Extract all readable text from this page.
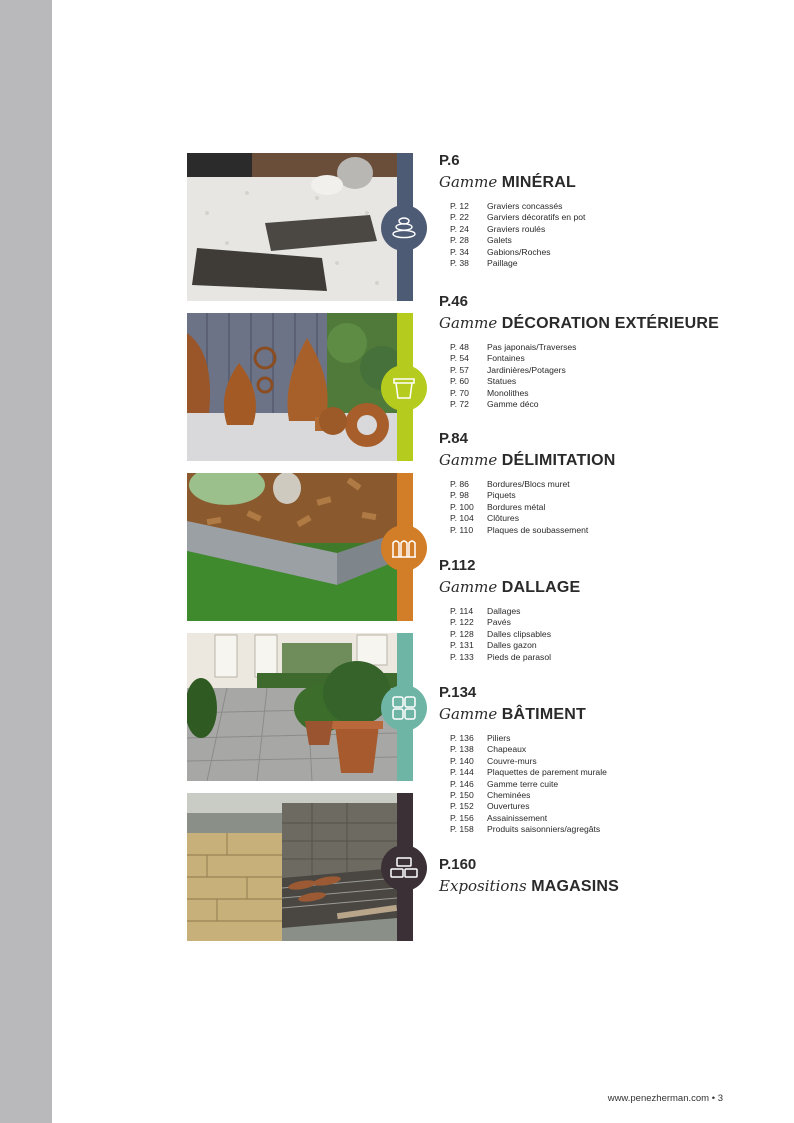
P.6
Gamme MINÉRAL
P. 12 Graviers concassés
P. 22 Garviers décoratifs en pot
P. 24 Graviers roulés
P. 28 Galets
P. 34 Gabions/Roches
P. 38 Paillage
P.46
Gamme DÉCORATION EXTÉRIEURE
P. 48 Pas japonais/Traverses
P. 54 Fontaines
P. 57 Jardinières/Potagers
P. 60 Statues
P. 70 Monolithes
P. 72 Gamme déco
P.84
Gamme DÉLIMITATION
P. 86 Bordures/Blocs muret
P. 98 Piquets
P. 100 Bordures métal
P. 104 Clôtures
P. 110 Plaques de soubassement
P.112
Gamme DALLAGE
P. 114 Dallages
P. 122 Pavés
P. 128 Dalles clipsables
P. 131 Dalles gazon
P. 133 Pieds de parasol
P.134
Gamme BÂTIMENT
P. 136 Piliers
P. 138 Chapeaux
P. 140 Couvre-murs
P. 144 Plaquettes de parement murale
P. 146 Gamme terre cuite
P. 150 Cheminées
P. 152 Ouvertures
P. 156 Assainissement
P. 158 Produits saisonniers/agregâts
P.160
Expositions MAGASINS
www.penezherman.com • 3
